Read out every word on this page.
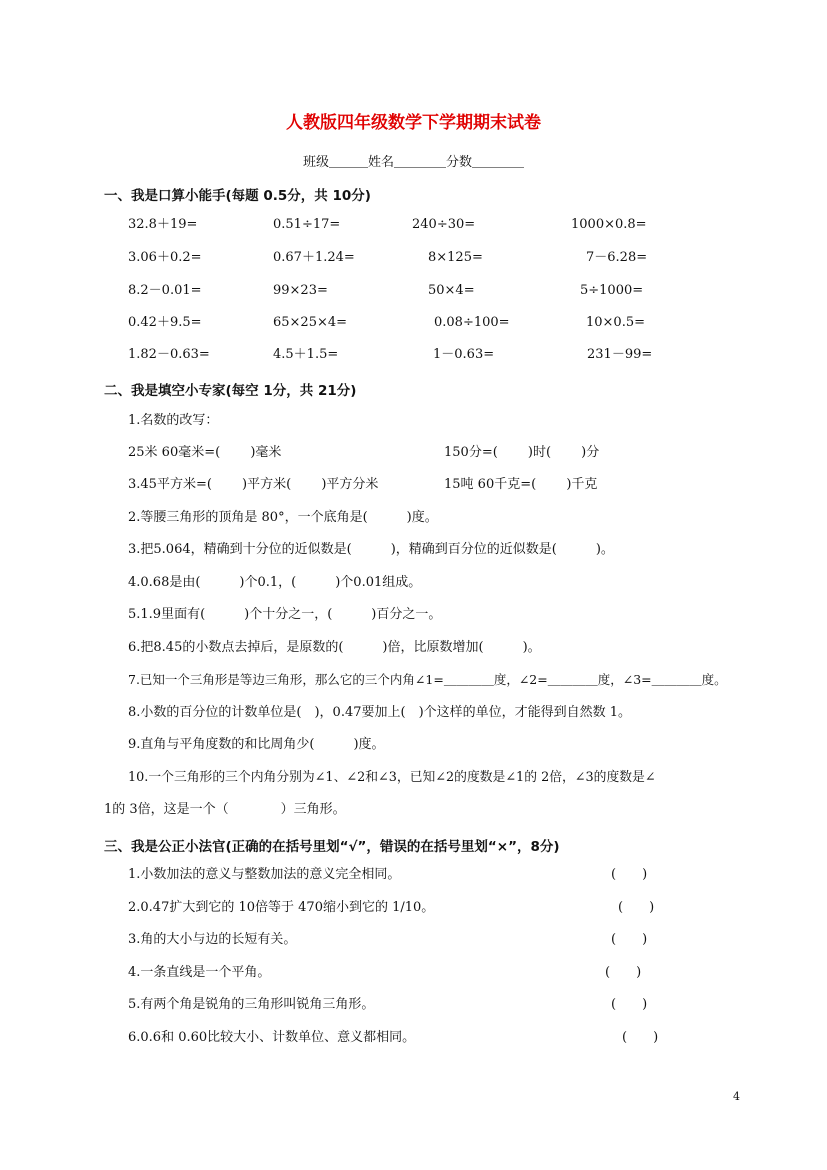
人教版四年级数学下学期期末试卷
班级＿＿＿姓名＿＿＿＿分数＿＿＿＿
一、我是口算小能手(每题 0.5分，共 10分)
32.8＋19=	0.51÷17=	240÷30=	1000×0.8=
3.06＋0.2=	0.67＋1.24=	8×125=	7－6.28=
8.2－0.01=	99×23=	50×4=	5÷1000=
0.42＋9.5=	65×25×4=	0.08÷100=	10×0.5=
1.82－0.63=	4.5＋1.5=	1－0.63=	231－99=
二、我是填空小专家(每空 1分，共 21分)
1.名数的改写：
25米 60毫米=(　 　)毫米	150分=(　 　)时(　 　)分
3.45平方米=(　 　)平方米(　 　)平方分米	15吨 60千克=(　 　)千克
2.等腰三角形的顶角是 80°，一个底角是(　　　)度。
3.把5.064，精确到十分位的近似数是(　　　)，精确到百分位的近似数是(　　　)。
4.0.68是由(　　　)个0.1，(　　　)个0.01组成。
5.1.9里面有(　　　)个十分之一，(　　　)百分之一。
6.把8.45的小数点去掉后，是原数的(　　　)倍，比原数增加(　　　)。
7.已知一个三角形是等边三角形，那么它的三个内角∠1=＿＿＿＿度，∠2=＿＿＿＿度，∠3=＿＿＿＿度。
8.小数的百分位的计数单位是(　)，0.47要加上(　)个这样的单位，才能得到自然数 1。
9.直角与平角度数的和比周角少(　　　)度。
10.一个三角形的三个内角分别为∠1、∠2和∠3，已知∠2的度数是∠1的 2倍，∠3的度数是∠
1的 3倍，这是一个（　　　　）三角形。
三、我是公正小法官(正确的在括号里划“√”，错误的在括号里划“×”，8分)
1.小数加法的意义与整数加法的意义完全相同。	(　　)
2.0.47扩大到它的 10倍等于 470缩小到它的 1/10。	(　　)
3.角的大小与边的长短有关。	(　　)
4.一条直线是一个平角。	(　　)
5.有两个角是锐角的三角形叫锐角三角形。	(　　)
6.0.6和 0.60比较大小、计数单位、意义都相同。	(　　)
4
